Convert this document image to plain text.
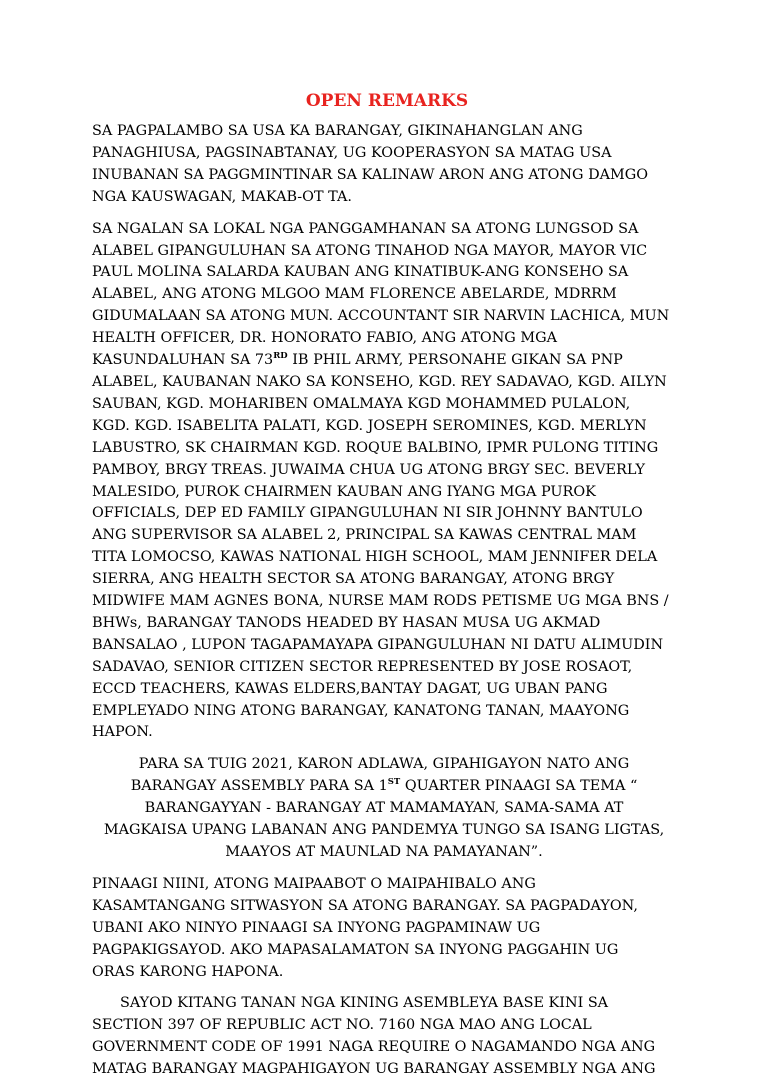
OPEN REMARKS

SA PAGPALAMBO SA USA KA BARANGAY, GIKINAHANGLAN ANG
PANAGHIUSA, PAGSINABTANAY, UG KOOPERASYON SA MATAG USA
INUBANAN SA PAGGMINTINAR SA KALINAW ARON ANG ATONG DAMGO
NGA KAUSWAGAN, MAKAB-OT TA.

SA NGALAN SA LOKAL NGA PANGGAMHANAN SA ATONG LUNGSOD SA
ALABEL GIPANGULUHAN SA ATONG TINAHOD NGA MAYOR, MAYOR VIC
PAUL MOLINA SALARDA KAUBAN ANG KINATIBUK-ANG KONSEHO SA
ALABEL, ANG ATONG MLGOO MAM FLORENCE ABELARDE, MDRRM
GIDUMALAAN SA ATONG MUN. ACCOUNTANT SIR NARVIN LACHICA, MUN
HEALTH OFFICER, DR. HONORATO FABIO, ANG ATONG MGA
KASUNDALUHAN SA 73RD IB PHIL ARMY, PERSONAHE GIKAN SA PNP
ALABEL, KAUBANAN NAKO SA KONSEHO, KGD. REY SADAVAO, KGD. AILYN
SAUBAN, KGD. MOHARIBEN OMALMAYA KGD MOHAMMED PULALON,
KGD. KGD. ISABELITA PALATI, KGD. JOSEPH SEROMINES, KGD. MERLYN
LABUSTRO, SK CHAIRMAN KGD. ROQUE BALBINO, IPMR PULONG TITING
PAMBOY, BRGY TREAS. JUWAIMA CHUA UG ATONG BRGY SEC. BEVERLY
MALESIDO, PUROK CHAIRMEN KAUBAN ANG IYANG MGA PUROK
OFFICIALS, DEP ED FAMILY GIPANGULUHAN NI SIR JOHNNY BANTULO
ANG SUPERVISOR SA ALABEL 2, PRINCIPAL SA KAWAS CENTRAL MAM
TITA LOMOCSO, KAWAS NATIONAL HIGH SCHOOL, MAM JENNIFER DELA
SIERRA, ANG HEALTH SECTOR SA ATONG BARANGAY, ATONG BRGY
MIDWIFE MAM AGNES BONA, NURSE MAM RODS PETISME UG MGA BNS /
BHWs, BARANGAY TANODS HEADED BY HASAN MUSA UG AKMAD
BANSALAO , LUPON TAGAPAMAYAPA GIPANGULUHAN NI DATU ALIMUDIN
SADAVAO, SENIOR CITIZEN SECTOR REPRESENTED BY JOSE ROSAOT,
ECCD TEACHERS, KAWAS ELDERS,BANTAY DAGAT, UG UBAN PANG
EMPLEYADO NING ATONG BARANGAY, KANATONG TANAN, MAAYONG
HAPON.

PARA SA TUIG 2021, KARON ADLAWA, GIPAHIGAYON NATO ANG
BARANGAY ASSEMBLY PARA SA 1ST QUARTER PINAAGI SA TEMA “
BARANGAYYAN - BARANGAY AT MAMAMAYAN, SAMA-SAMA AT
MAGKAISA UPANG LABANAN ANG PANDEMYA TUNGO SA ISANG LIGTAS,
MAAYOS AT MAUNLAD NA PAMAYANAN”.

PINAAGI NIINI, ATONG MAIPAABOT O MAIPAHIBALO ANG
KASAMTANGANG SITWASYON SA ATONG BARANGAY. SA PAGPADAYON,
UBANI AKO NINYO PINAAGI SA INYONG PAGPAMINAW UG
PAGPAKIGSAYOD. AKO MAPASALAMATON SA INYONG PAGGAHIN UG
ORAS KARONG HAPONA.

SAYOD KITANG TANAN NGA KINING ASEMBLEYA BASE KINI SA
SECTION 397 OF REPUBLIC ACT NO. 7160 NGA MAO ANG LOCAL
GOVERNMENT CODE OF 1991 NAGA REQUIRE O NAGAMANDO NGA ANG
MATAG BARANGAY MAGPAHIGAYON UG BARANGAY ASSEMBLY NGA ANG
